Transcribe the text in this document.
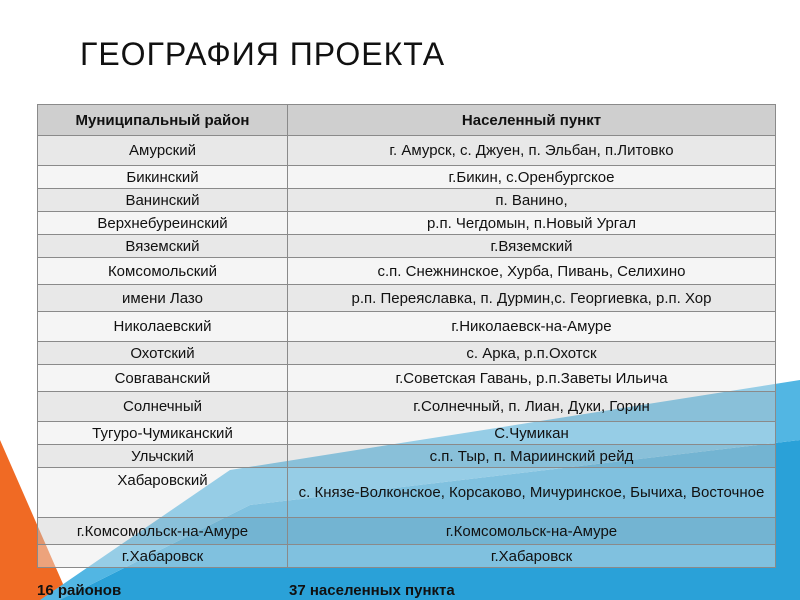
ГЕОГРАФИЯ ПРОЕКТА
Муниципальный район	Населенный пункт
Амурский	г. Амурск, с. Джуен, п. Эльбан, п.Литовко
Бикинский	г.Бикин, с.Оренбургское
Ванинский	п. Ванино,
Верхнебуреинский	р.п. Чегдомын, п.Новый Ургал
Вяземский	г.Вяземский
Комсомольский	с.п. Снежнинское, Хурба, Пивань, Селихино
имени Лазо	р.п. Переяславка, п. Дурмин,с. Георгиевка, р.п. Хор
Николаевский	г.Николаевск-на-Амуре
Охотский	с. Арка, р.п.Охотск
Совгаванский	г.Советская Гавань, р.п.Заветы Ильича
Солнечный	г.Солнечный, п. Лиан, Дуки, Горин
Тугуро-Чумиканский	С.Чумикан
Ульчский	с.п. Тыр, п. Мариинский рейд
Хабаровский	с. Князе-Волконское, Корсаково, Мичуринское, Бычиха, Восточное
г.Комсомольск-на-Амуре	г.Комсомольск-на-Амуре
г.Хабаровск	г.Хабаровск
16 районов	37 населенных пункта
